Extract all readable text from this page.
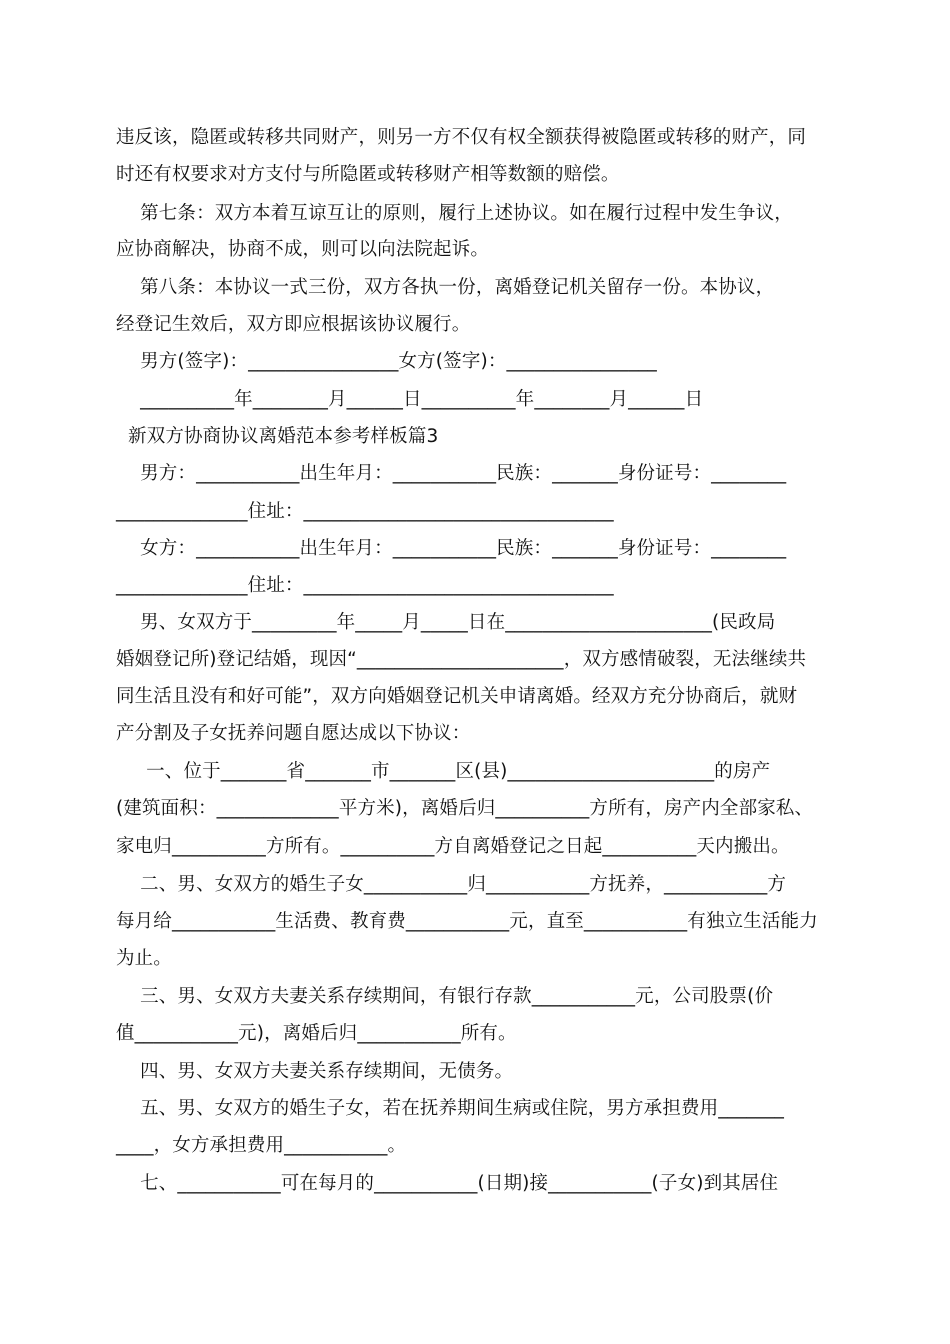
违反该，隐匿或转移共同财产，则另一方不仅有权全额获得被隐匿或转移的财产，同
时还有权要求对方支付与所隐匿或转移财产相等数额的赔偿。
第七条：双方本着互谅互让的原则，履行上述协议。如在履行过程中发生争议，
应协商解决，协商不成，则可以向法院起诉。
第八条：本协议一式三份，双方各执一份，离婚登记机关留存一份。本协议，
经登记生效后，双方即应根据该协议履行。
男方(签字)：________________女方(签字)：________________
__________年________月______日__________年________月______日
新双方协商协议离婚范本参考样板篇3
男方：___________出生年月：___________民族：_______身份证号：________
______________住址：_________________________________
女方：___________出生年月：___________民族：_______身份证号：________
______________住址：_________________________________
男、女双方于_________年_____月_____日在______________________(民政局
婚姻登记所)登记结婚，现因“______________________，双方感情破裂，无法继续共
同生活且没有和好可能”，双方向婚姻登记机关申请离婚。经双方充分协商后，就财
产分割及子女抚养问题自愿达成以下协议：
一、位于_______省_______市_______区(县)______________________的房产
(建筑面积：_____________平方米)，离婚后归__________方所有，房产内全部家私、
家电归__________方所有。__________方自离婚登记之日起__________天内搬出。
二、男、女双方的婚生子女___________归___________方抚养，___________方
每月给___________生活费、教育费___________元，直至___________有独立生活能力
为止。
三、男、女双方夫妻关系存续期间，有银行存款___________元，公司股票(价
值___________元)，离婚后归___________所有。
四、男、女双方夫妻关系存续期间，无债务。
五、男、女双方的婚生子女，若在抚养期间生病或住院，男方承担费用_______
____，女方承担费用___________。
七、___________可在每月的___________(日期)接___________(子女)到其居住
